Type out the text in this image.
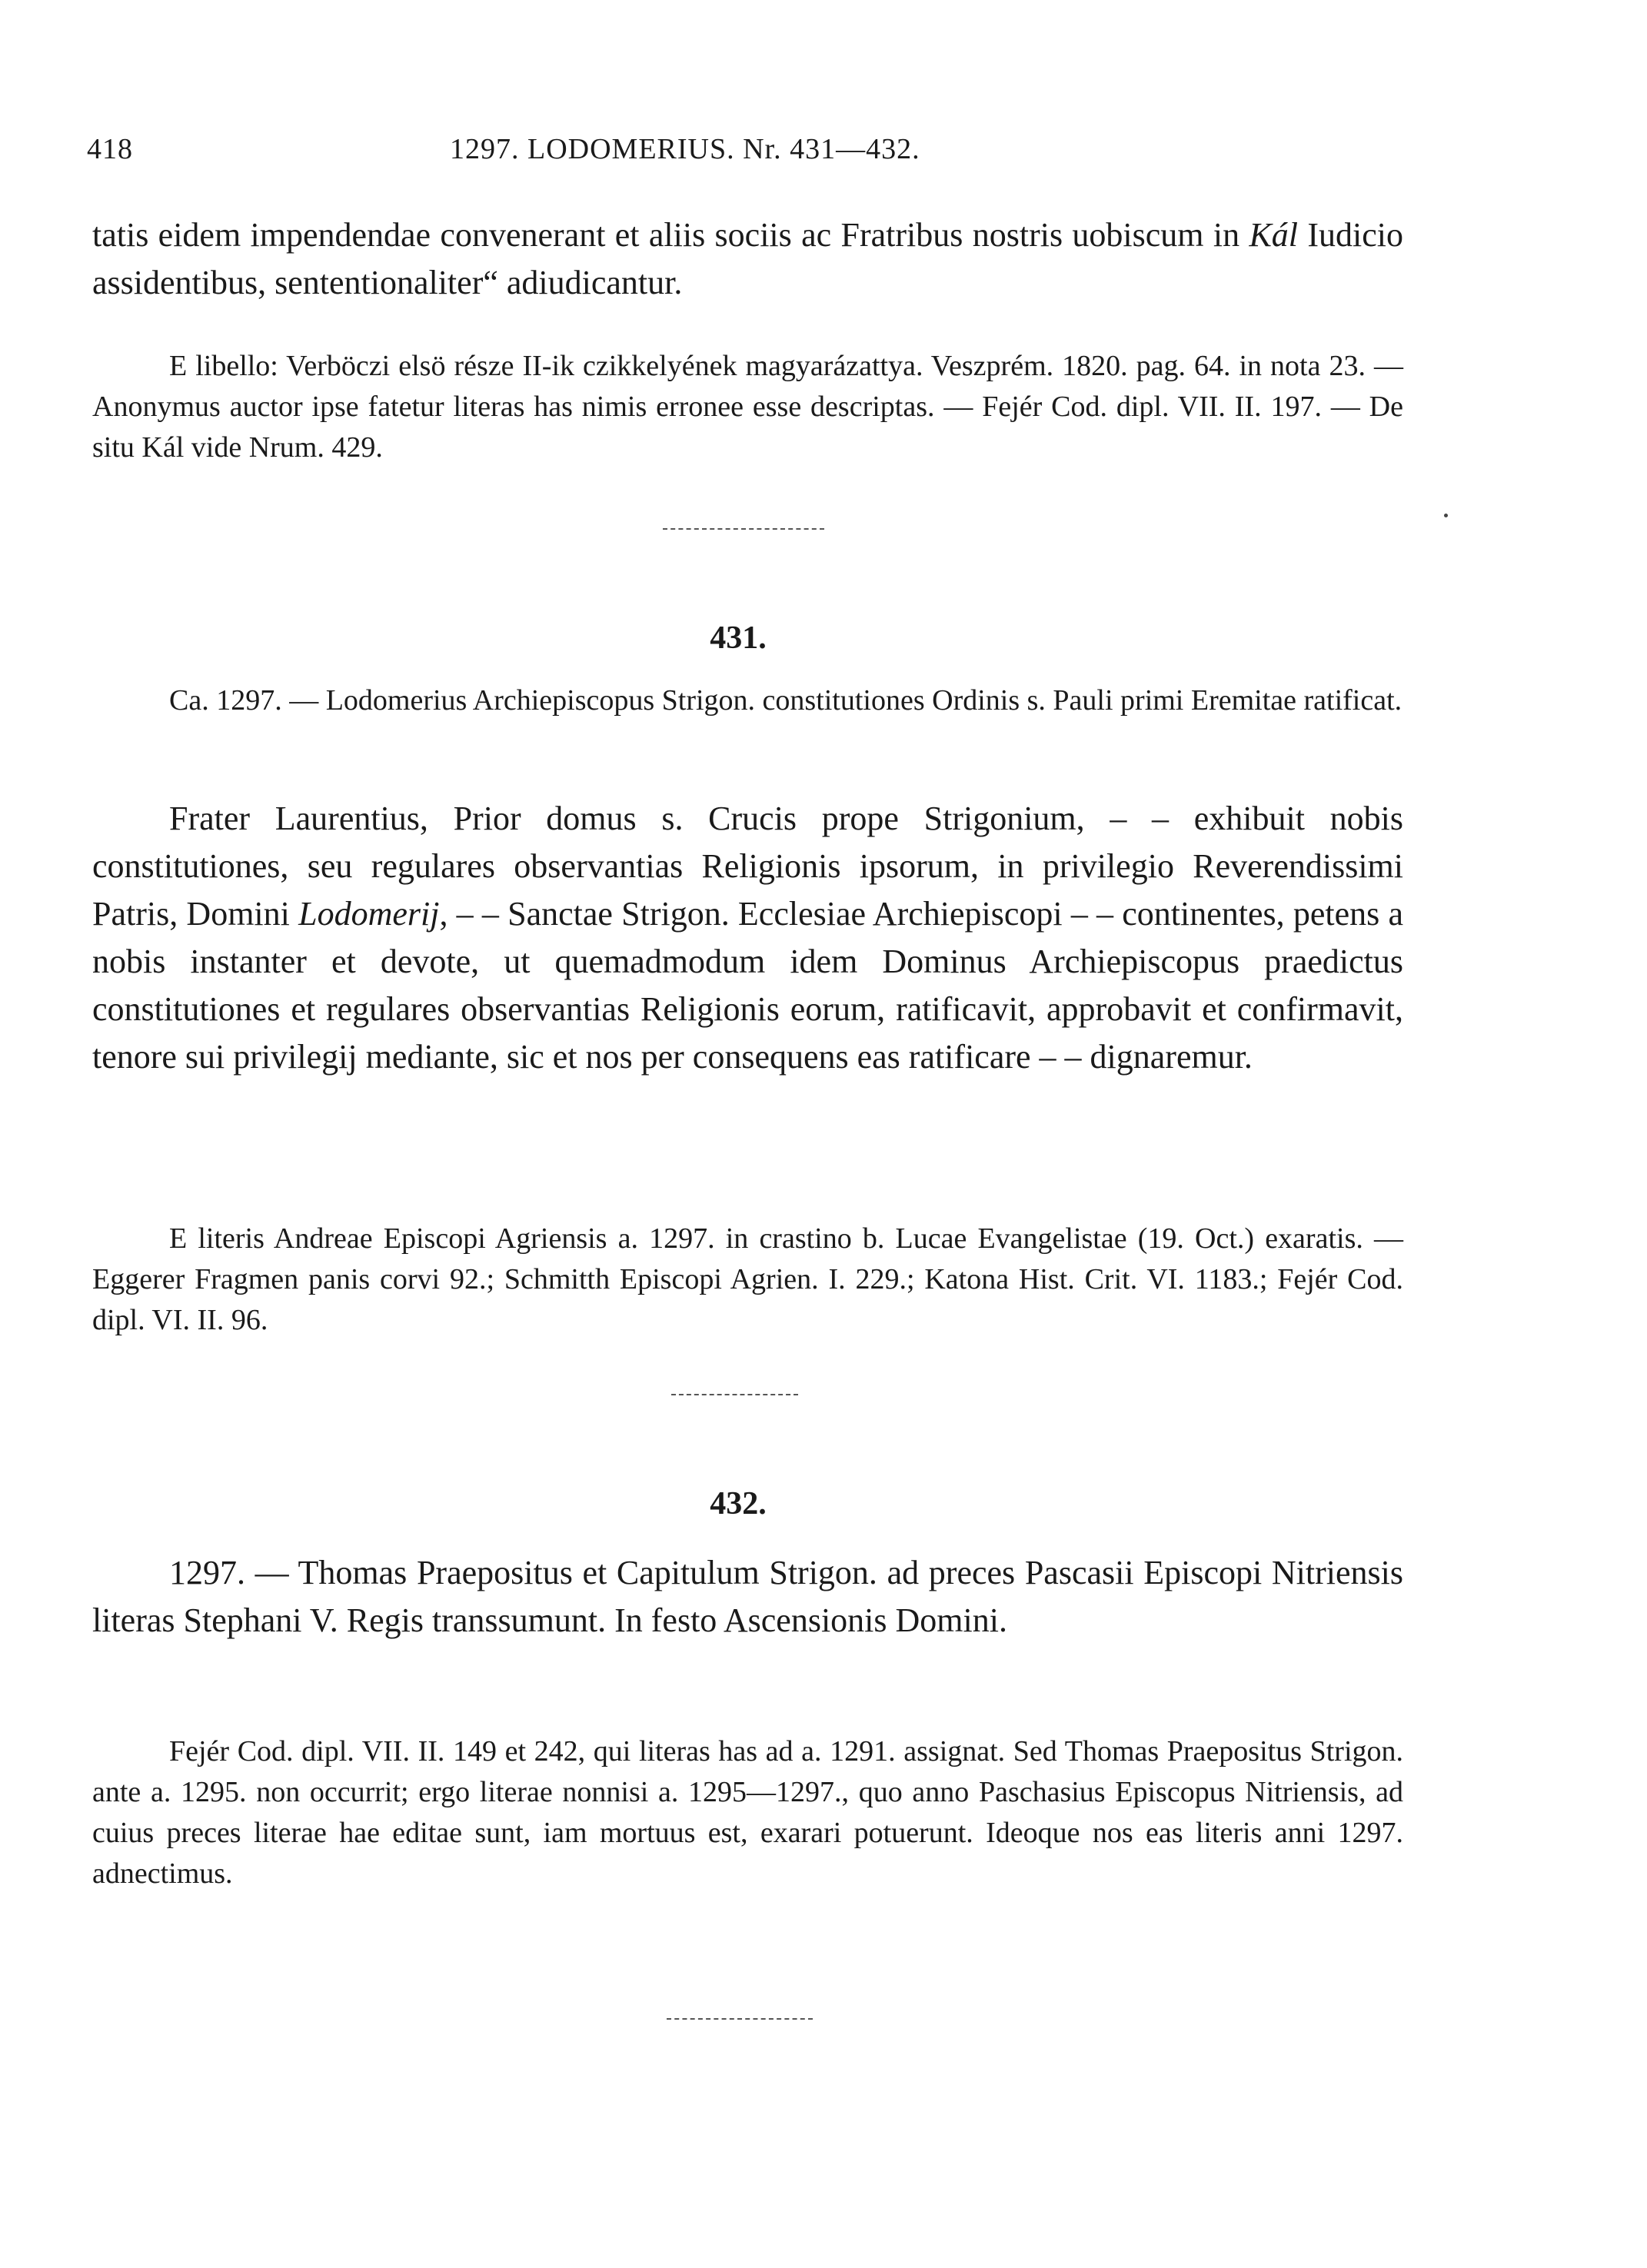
418	1297. LODOMERIUS. Nr. 431—432.

tatis eidem impendendae convenerant et aliis sociis ac Fratribus nostris uobiscum in Kál Iudicio assidentibus, sententionaliter“ adiudicantur.

E libello: Verböczi elsö része II-ik czikkelyének magyarázattya. Veszprém. 1820. pag. 64. in nota 23. — Anonymus auctor ipse fatetur literas has nimis erronee esse descriptas. — Fejér Cod. dipl. VII. II. 197. — De situ Kál vide Nrum. 429.

431.

Ca. 1297. — Lodomerius Archiepiscopus Strigon. constitutiones Ordinis s. Pauli primi Eremitae ratificat.

Frater Laurentius, Prior domus s. Crucis prope Strigonium, – – exhibuit nobis constitutiones, seu regulares observantias Religionis ipsorum, in privilegio Reverendissimi Patris, Domini Lodomerij, – – Sanctae Strigon. Ecclesiae Archiepiscopi – – continentes, petens a nobis instanter et devote, ut quemadmodum idem Dominus Archiepiscopus praedictus constitutiones et regulares observantias Religionis eorum, ratificavit, approbavit et confirmavit, tenore sui privilegij mediante, sic et nos per consequens eas ratificare – – dignaremur.

E literis Andreae Episcopi Agriensis a. 1297. in crastino b. Lucae Evangelistae (19. Oct.) exaratis. — Eggerer Fragmen panis corvi 92.; Schmitth Episcopi Agrien. I. 229.; Katona Hist. Crit. VI. 1183.; Fejér Cod. dipl. VI. II. 96.

432.

1297. — Thomas Praepositus et Capitulum Strigon. ad preces Pascasii Episcopi Nitriensis literas Stephani V. Regis transsumunt. In festo Ascensionis Domini.

Fejér Cod. dipl. VII. II. 149 et 242, qui literas has ad a. 1291. assignat. Sed Thomas Praepositus Strigon. ante a. 1295. non occurrit; ergo literae nonnisi a. 1295—1297., quo anno Paschasius Episcopus Nitriensis, ad cuius preces literae hae editae sunt, iam mortuus est, exarari potuerunt. Ideoque nos eas literis anni 1297. adnectimus.
